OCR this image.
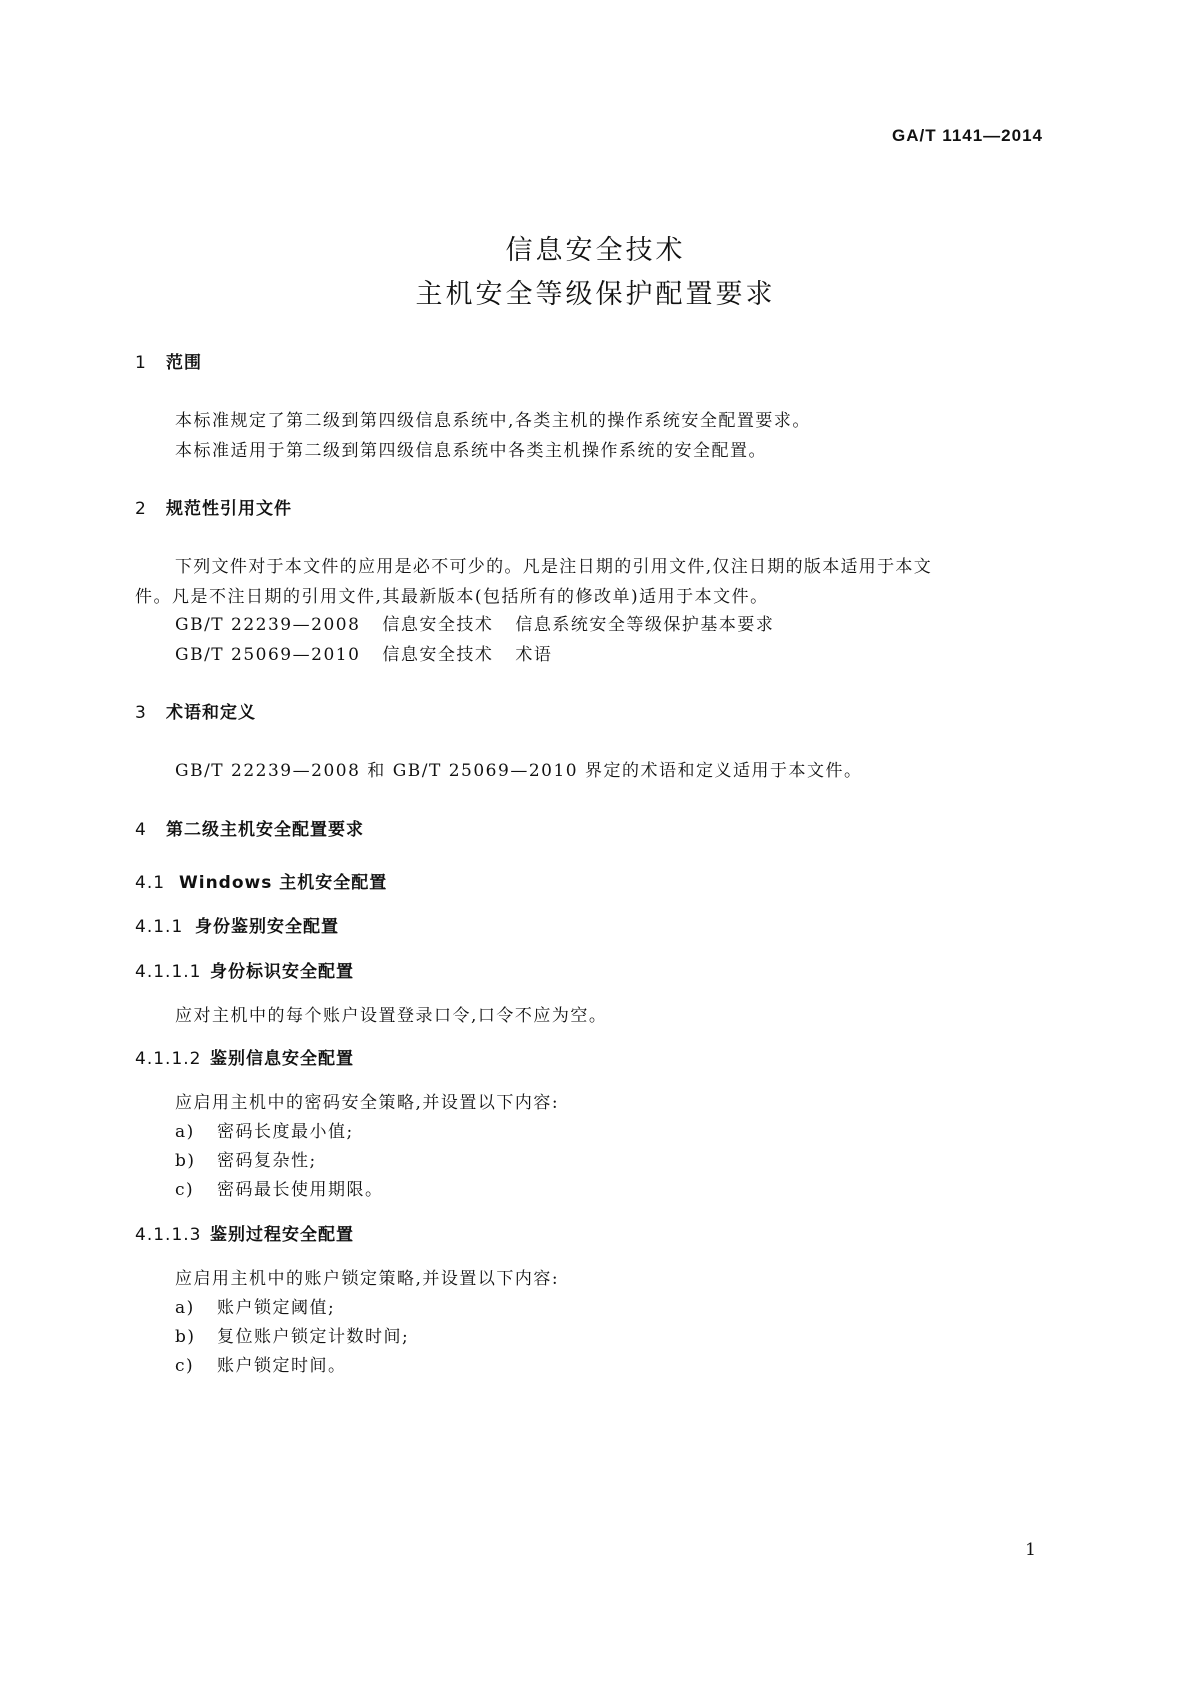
GA/T 1141—2014
信息安全技术
主机安全等级保护配置要求
1 范围
本标准规定了第二级到第四级信息系统中,各类主机的操作系统安全配置要求。
本标准适用于第二级到第四级信息系统中各类主机操作系统的安全配置。
2 规范性引用文件
下列文件对于本文件的应用是必不可少的。凡是注日期的引用文件,仅注日期的版本适用于本文
件。凡是不注日期的引用文件,其最新版本(包括所有的修改单)适用于本文件。
GB/T 22239—2008 信息安全技术 信息系统安全等级保护基本要求
GB/T 25069—2010 信息安全技术 术语
3 术语和定义
GB/T 22239—2008 和 GB/T 25069—2010 界定的术语和定义适用于本文件。
4 第二级主机安全配置要求
4.1 Windows 主机安全配置
4.1.1 身份鉴别安全配置
4.1.1.1 身份标识安全配置
应对主机中的每个账户设置登录口令,口令不应为空。
4.1.1.2 鉴别信息安全配置
应启用主机中的密码安全策略,并设置以下内容:
a) 密码长度最小值;
b) 密码复杂性;
c) 密码最长使用期限。
4.1.1.3 鉴别过程安全配置
应启用主机中的账户锁定策略,并设置以下内容:
a) 账户锁定阈值;
b) 复位账户锁定计数时间;
c) 账户锁定时间。
1
